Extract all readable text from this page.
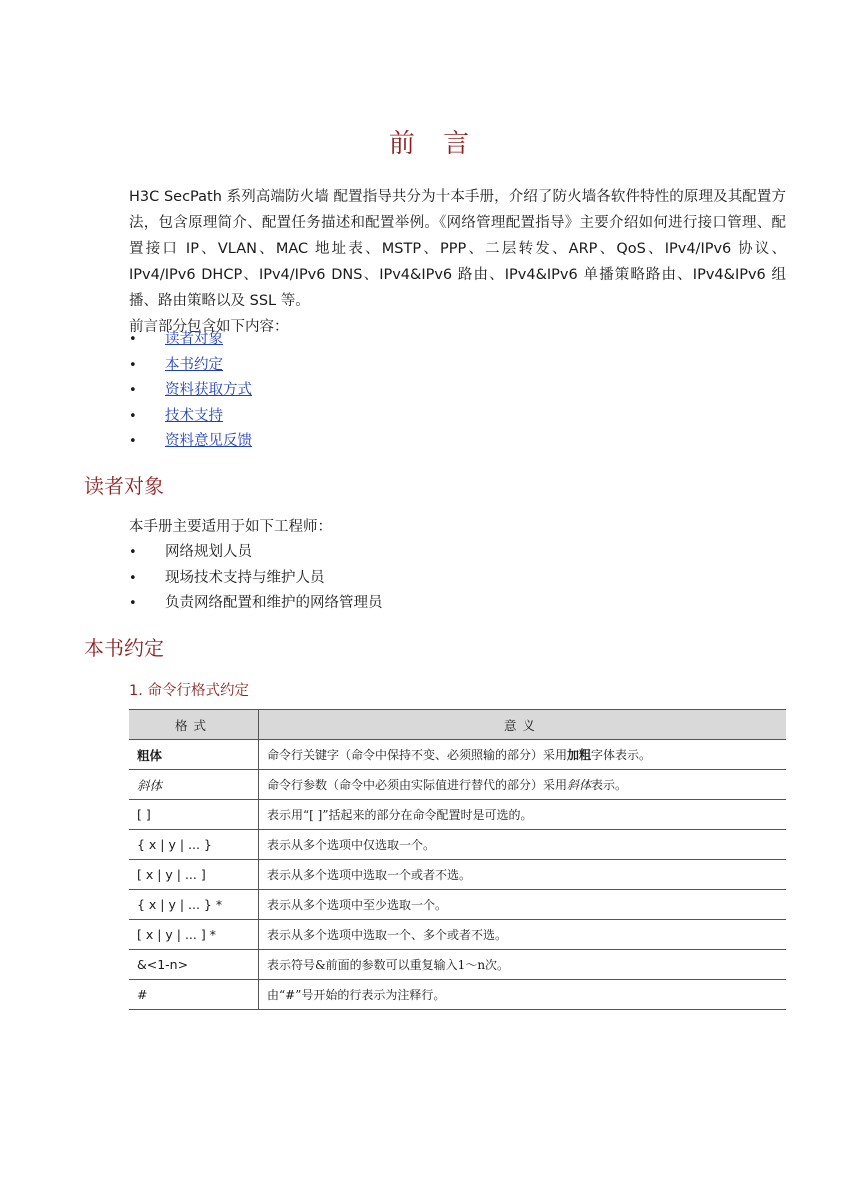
前 言

H3C SecPath 系列高端防火墙 配置指导共分为十本手册，介绍了防火墙各软件特性的原理及其配置方法，包含原理简介、配置任务描述和配置举例。《网络管理配置指导》主要介绍如何进行接口管理、配置接口 IP、VLAN、MAC 地址表、MSTP、PPP、二层转发、ARP、QoS、IPv4/IPv6 协议、IPv4/IPv6 DHCP、IPv4/IPv6 DNS、IPv4&IPv6 路由、IPv4&IPv6 单播策略路由、IPv4&IPv6 组播、路由策略以及 SSL 等。

前言部分包含如下内容：

• 读者对象
• 本书约定
• 资料获取方式
• 技术支持
• 资料意见反馈
读者对象

本手册主要适用于如下工程师：

• 网络规划人员
• 现场技术支持与维护人员
• 负责网络配置和维护的网络管理员
本书约定
1. 命令行格式约定
格式	意义
粗体	命令行关键字（命令中保持不变、必须照输的部分）采用加粗字体表示。
斜体	命令行参数（命令中必须由实际值进行替代的部分）采用斜体表示。
[ ]	表示用“[ ]”括起来的部分在命令配置时是可选的。
{ x | y | ... }	表示从多个选项中仅选取一个。
[ x | y | ... ]	表示从多个选项中选取一个或者不选。
{ x | y | ... } *	表示从多个选项中至少选取一个。
[ x | y | ... ] *	表示从多个选项中选取一个、多个或者不选。
&<1-n>	表示符号&前面的参数可以重复输入1～n次。
#	由“#”号开始的行表示为注释行。
